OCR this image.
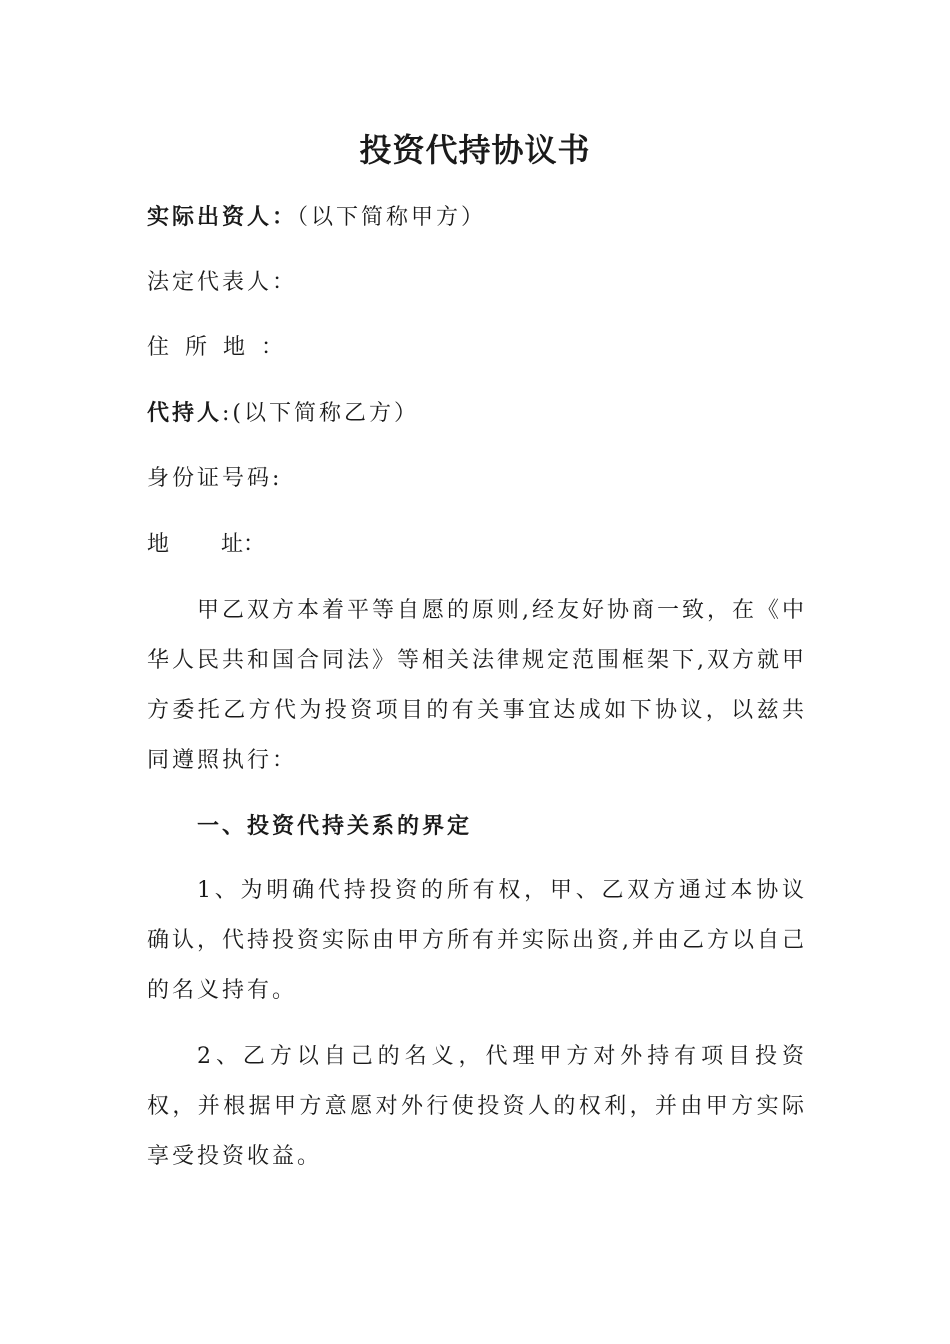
投资代持协议书
实际出资人：（以下简称甲方）
法定代表人：
住所地：
代持人:(以下简称乙方）
身份证号码:
地 址：
甲乙双方本着平等自愿的原则,经友好协商一致，在《中华人民共和国合同法》等相关法律规定范围框架下,双方就甲方委托乙方代为投资项目的有关事宜达成如下协议，以兹共同遵照执行：
一、投资代持关系的界定
1、为明确代持投资的所有权，甲、乙双方通过本协议确认，代持投资实际由甲方所有并实际出资,并由乙方以自己的名义持有。
2、乙方以自己的名义，代理甲方对外持有项目投资权，并根据甲方意愿对外行使投资人的权利，并由甲方实际享受投资收益。
